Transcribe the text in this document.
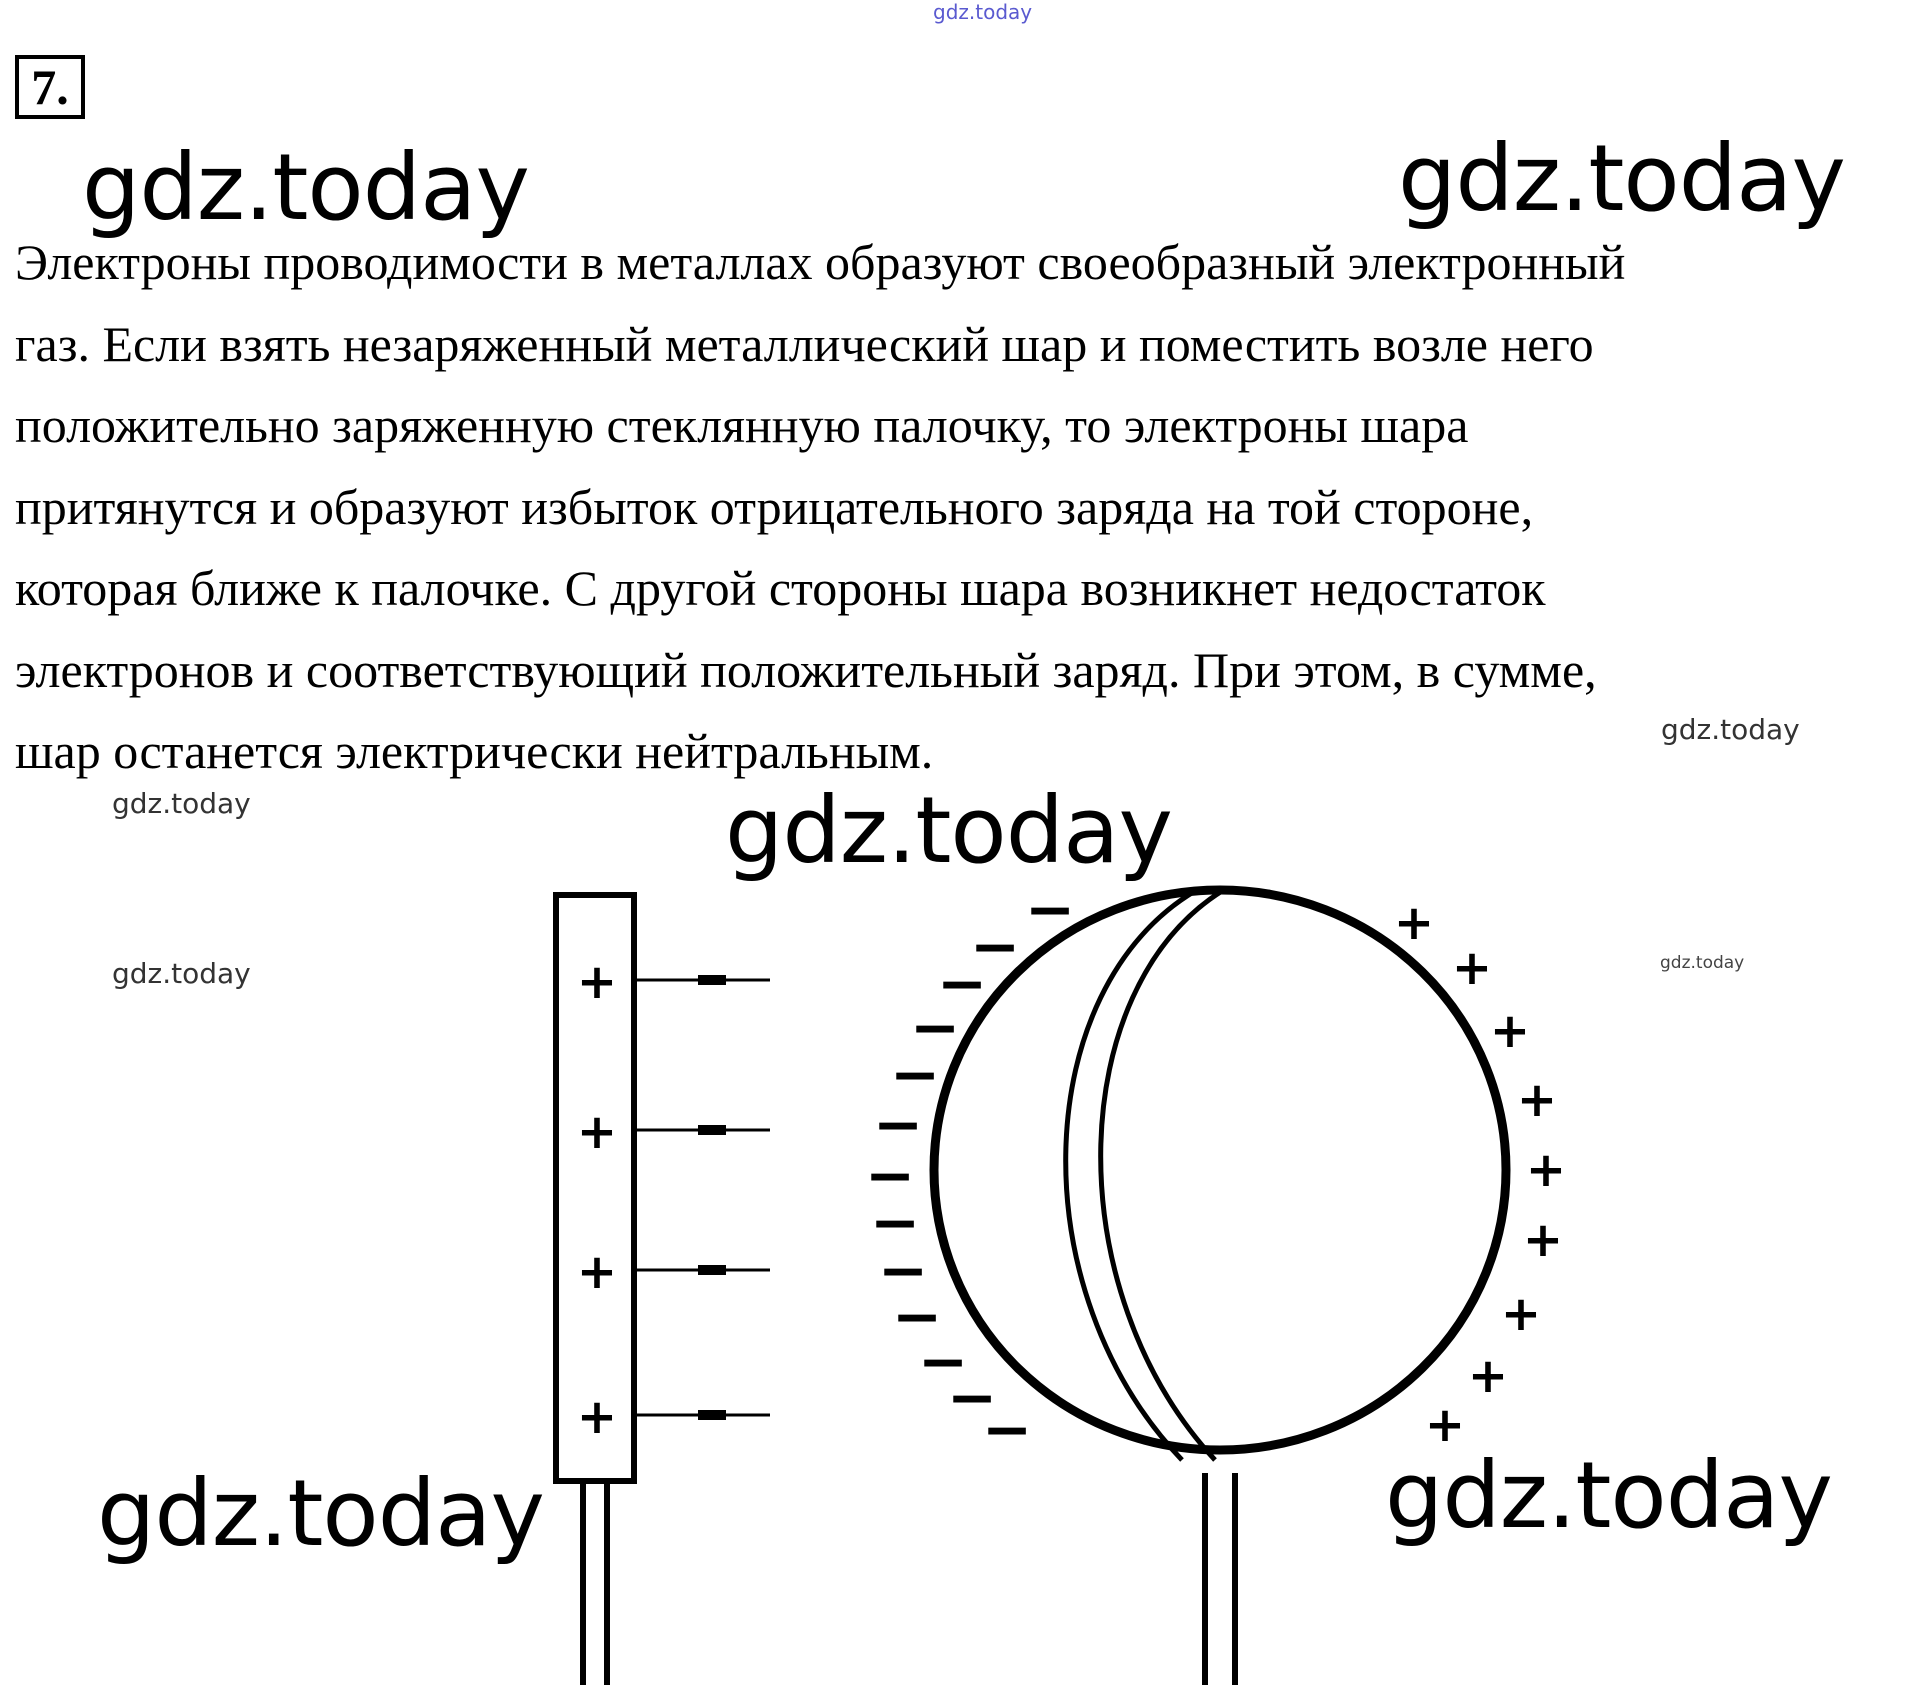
gdz.today
7.
gdz.today	gdz.today

Электроны проводимости в металлах образуют своеобразный электронный
газ. Если взять незаряженный металлический шар и поместить возле него
положительно заряженную стеклянную палочку, то электроны шара
притянутся и образуют избыток отрицательного заряда на той стороне,
которая ближе к палочке. С другой стороны шара возникнет недостаток
электронов и соответствующий положительный заряд. При этом, в сумме,
шар останется электрически нейтральным.	gdz.today
gdz.today	gdz.today
gdz.today	gdz.today
+
+
+
+
−
−
−
−
−
−
−
−
−
−
−
−
−
+
+
+
+
+
+
+
+
+
gdz.today	gdz.today
